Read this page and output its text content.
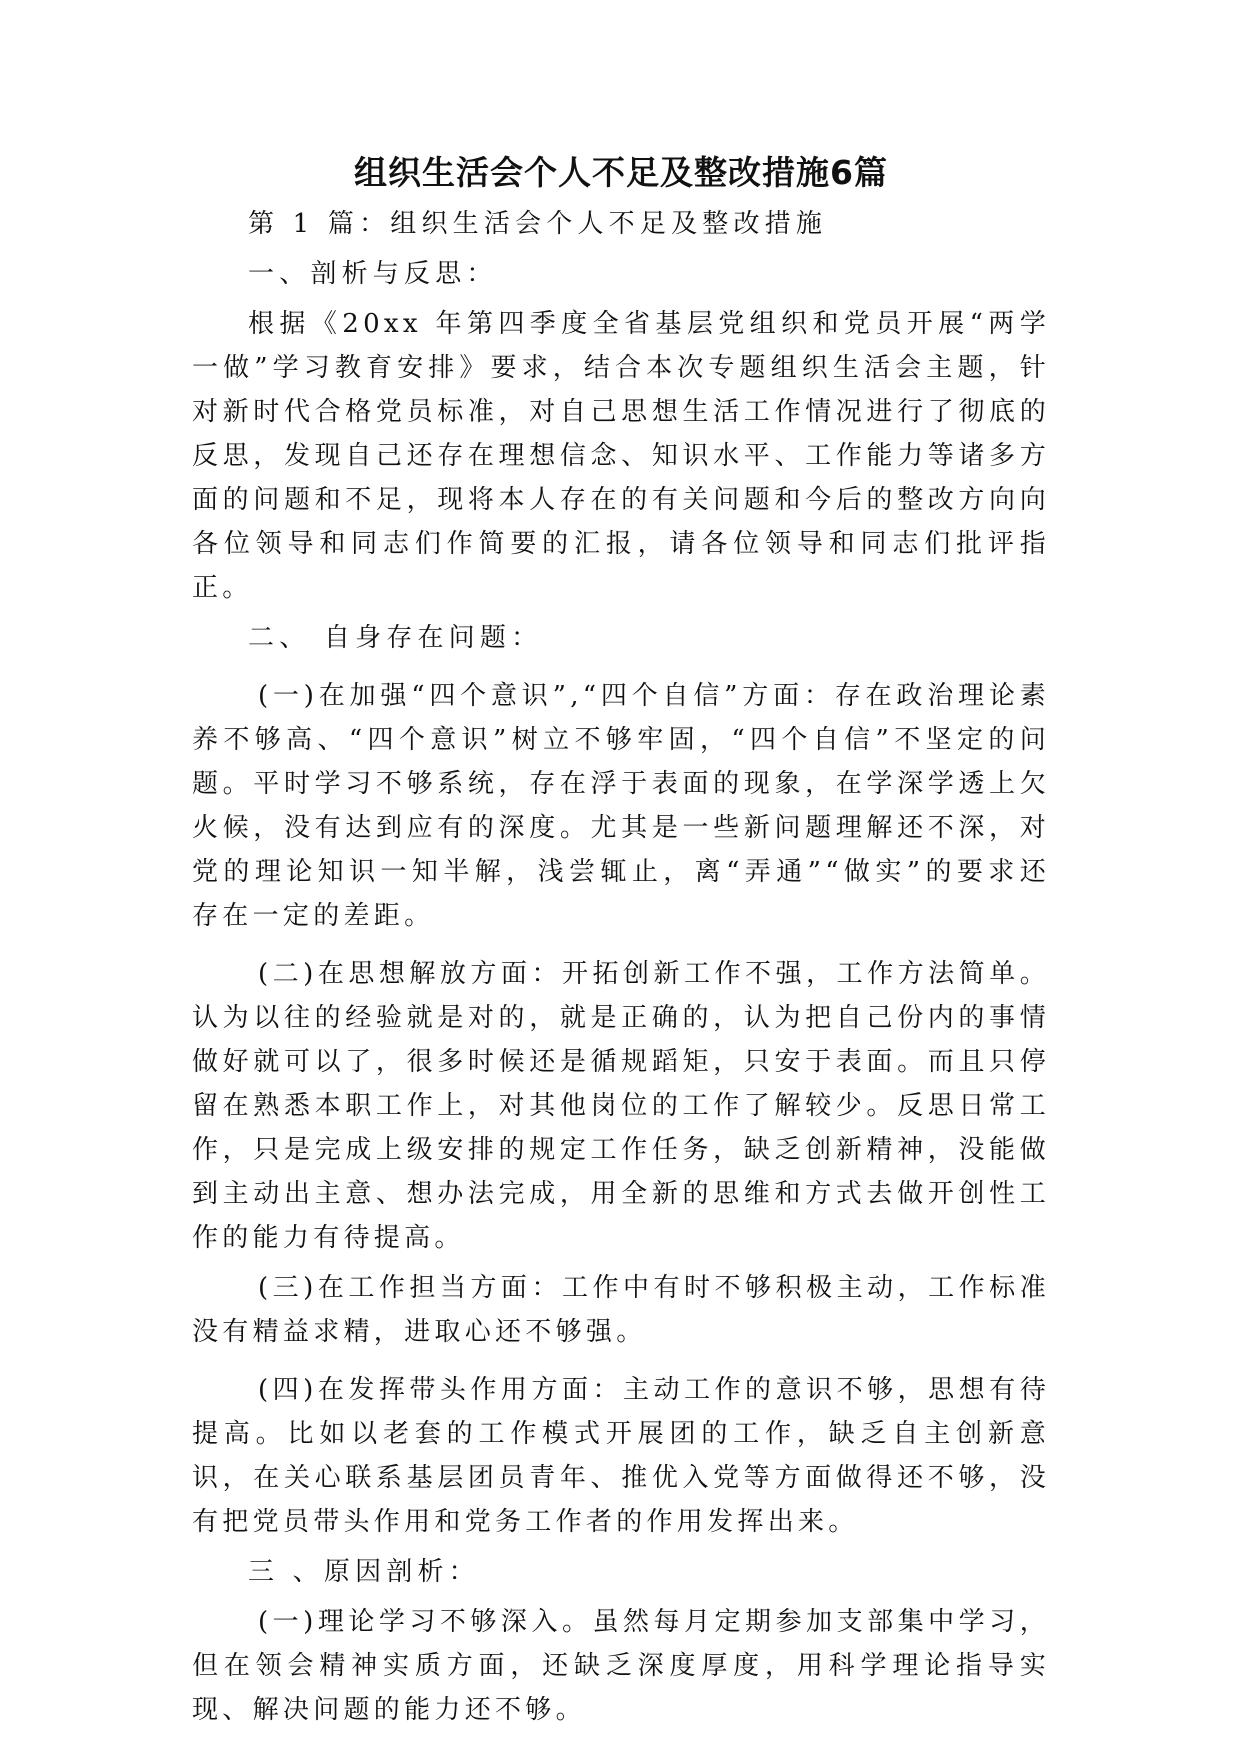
组织生活会个人不足及整改措施6篇

第 1 篇：组织生活会个人不足及整改措施

一、剖析与反思：

根据《20xx 年第四季度全省基层党组织和党员开展“两学一做”学习教育安排》要求，结合本次专题组织生活会主题，针对新时代合格党员标准，对自己思想生活工作情况进行了彻底的反思，发现自己还存在理想信念、知识水平、工作能力等诸多方面的问题和不足，现将本人存在的有关问题和今后的整改方向向各位领导和同志们作简要的汇报，请各位领导和同志们批评指正。

二、 自身存在问题：

(一)在加强“四个意识”,“四个自信”方面：存在政治理论素养不够高、“四个意识”树立不够牢固，“四个自信”不坚定的问题。平时学习不够系统，存在浮于表面的现象，在学深学透上欠火候，没有达到应有的深度。尤其是一些新问题理解还不深，对党的理论知识一知半解，浅尝辄止，离“弄通”“做实”的要求还存在一定的差距。

(二)在思想解放方面：开拓创新工作不强，工作方法简单。认为以往的经验就是对的，就是正确的，认为把自己份内的事情做好就可以了，很多时候还是循规蹈矩，只安于表面。而且只停留在熟悉本职工作上，对其他岗位的工作了解较少。反思日常工作，只是完成上级安排的规定工作任务，缺乏创新精神，没能做到主动出主意、想办法完成，用全新的思维和方式去做开创性工作的能力有待提高。

(三)在工作担当方面：工作中有时不够积极主动，工作标准没有精益求精，进取心还不够强。

(四)在发挥带头作用方面：主动工作的意识不够，思想有待提高。比如以老套的工作模式开展团的工作，缺乏自主创新意识，在关心联系基层团员青年、推优入党等方面做得还不够，没有把党员带头作用和党务工作者的作用发挥出来。

三 、原因剖析：

(一)理论学习不够深入。虽然每月定期参加支部集中学习，但在领会精神实质方面，还缺乏深度厚度，用科学理论指导实现、解决问题的能力还不够。
